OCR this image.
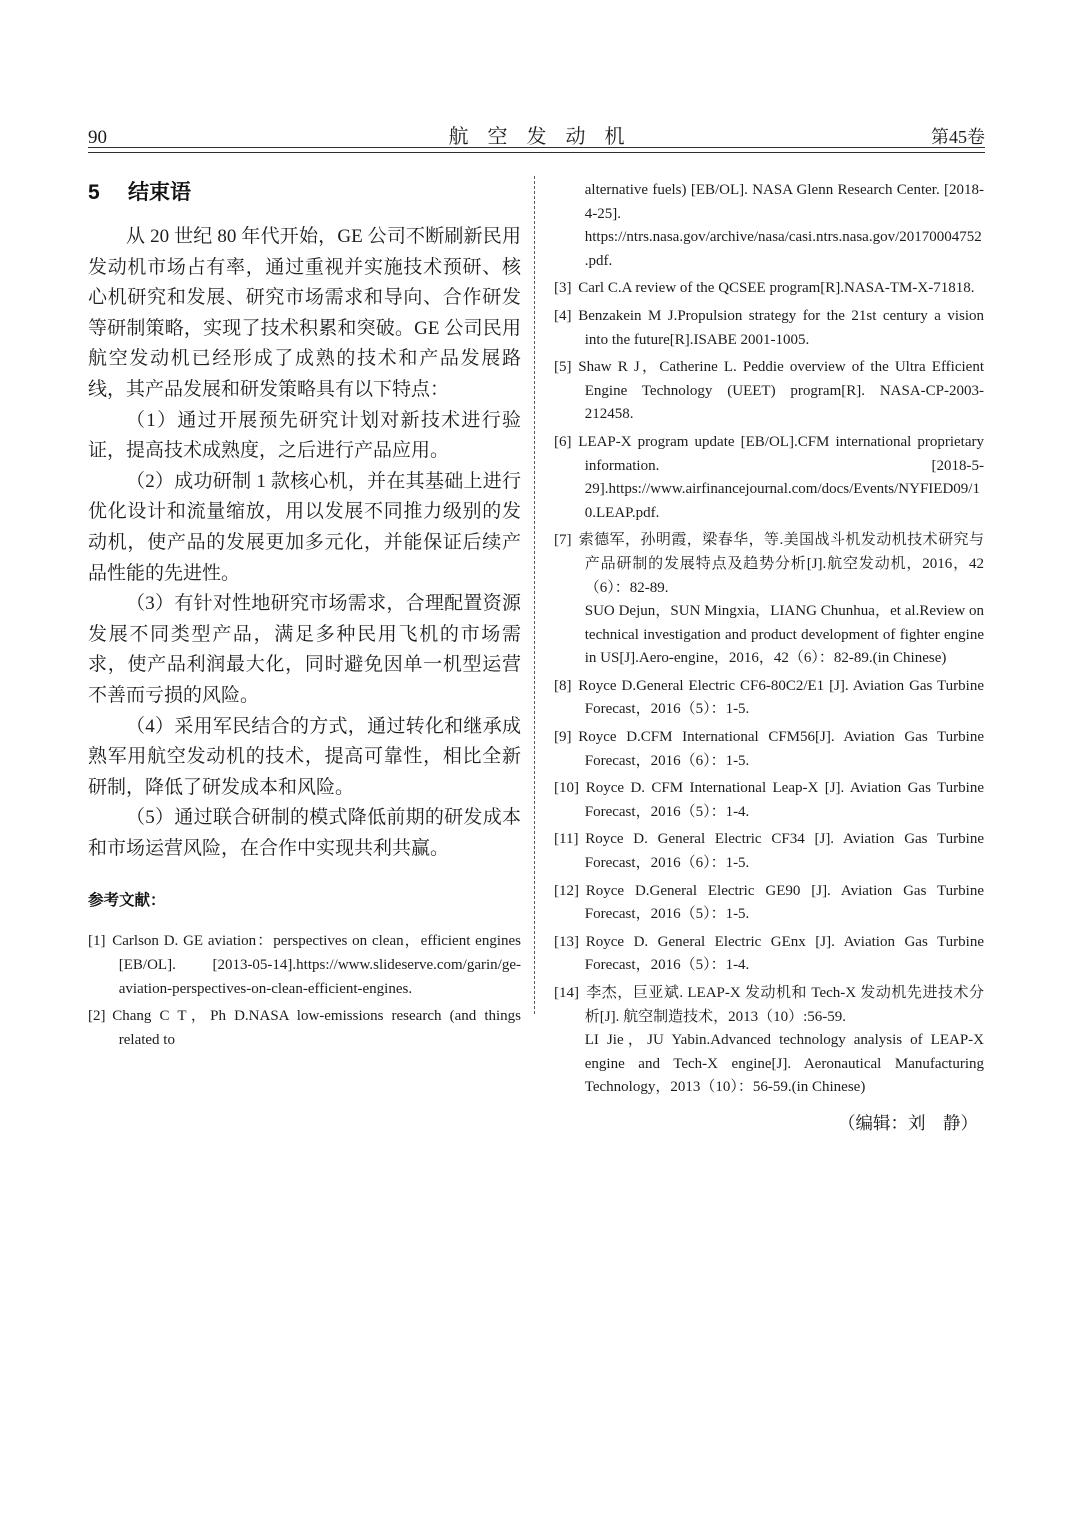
90	航空发动机	第45卷
5 结束语

从 20 世纪 80 年代开始，GE 公司不断刷新民用发动机市场占有率，通过重视并实施技术预研、核心机研究和发展、研究市场需求和导向、合作研发等研制策略，实现了技术积累和突破。GE 公司民用航空发动机已经形成了成熟的技术和产品发展路线，其产品发展和研发策略具有以下特点：

（1）通过开展预先研究计划对新技术进行验证，提高技术成熟度，之后进行产品应用。

（2）成功研制 1 款核心机，并在其基础上进行优化设计和流量缩放，用以发展不同推力级别的发动机，使产品的发展更加多元化，并能保证后续产品性能的先进性。

（3）有针对性地研究市场需求，合理配置资源发展不同类型产品，满足多种民用飞机的市场需求，使产品利润最大化，同时避免因单一机型运营不善而亏损的风险。

（4）采用军民结合的方式，通过转化和继承成熟军用航空发动机的技术，提高可靠性，相比全新研制，降低了研发成本和风险。

（5）通过联合研制的模式降低前期的研发成本和市场运营风险，在合作中实现共利共赢。

参考文献：
[1] Carlson D. GE aviation：perspectives on clean，efficient engines [EB/OL]. [2013-05-14].https://www.slideserve.com/garin/ge-aviation-perspectives-on-clean-efficient-engines.
[2] Chang C T，Ph D.NASA low-emissions research (and things related to
alternative fuels) [EB/OL]. NASA Glenn Research Center. [2018-4-25]. https://ntrs.nasa.gov/archive/nasa/casi.ntrs.nasa.gov/20170004752.pdf.
[3] Carl C.A review of the QCSEE program[R].NASA-TM-X-71818.
[4] Benzakein M J.Propulsion strategy for the 21st century a vision into the future[R].ISABE 2001-1005.
[5] Shaw R J，Catherine L. Peddie overview of the Ultra Efficient Engine Technology (UEET) program[R]. NASA-CP-2003-212458.
[6] LEAP-X program update [EB/OL].CFM international proprietary information. [2018-5-29].https://www.airfinancejournal.com/docs/Events/NYFIED09/10.LEAP.pdf.
[7] 索德军，孙明霞，梁春华，等.美国战斗机发动机技术研究与产品研制的发展特点及趋势分析[J].航空发动机，2016，42（6）：82-89.
SUO Dejun，SUN Mingxia，LIANG Chunhua，et al.Review on technical investigation and product development of fighter engine in US[J].Aero-engine，2016，42（6）：82-89.(in Chinese)
[8] Royce D.General Electric CF6-80C2/E1 [J]. Aviation Gas Turbine Forecast，2016（5）：1-5.
[9] Royce D.CFM International CFM56[J]. Aviation Gas Turbine Forecast，2016（6）：1-5.
[10] Royce D. CFM International Leap-X [J]. Aviation Gas Turbine Forecast，2016（5）：1-4.
[11] Royce D. General Electric CF34 [J]. Aviation Gas Turbine Forecast，2016（6）：1-5.
[12] Royce D.General Electric GE90 [J]. Aviation Gas Turbine Forecast，2016（5）：1-5.
[13] Royce D. General Electric GEnx [J]. Aviation Gas Turbine Forecast，2016（5）：1-4.
[14] 李杰，巨亚斌. LEAP-X 发动机和 Tech-X 发动机先进技术分析[J]. 航空制造技术，2013（10）:56-59.
LI Jie，JU Yabin.Advanced technology analysis of LEAP-X engine and Tech-X engine[J]. Aeronautical Manufacturing Technology，2013（10）：56-59.(in Chinese)
（编辑：刘　静）
